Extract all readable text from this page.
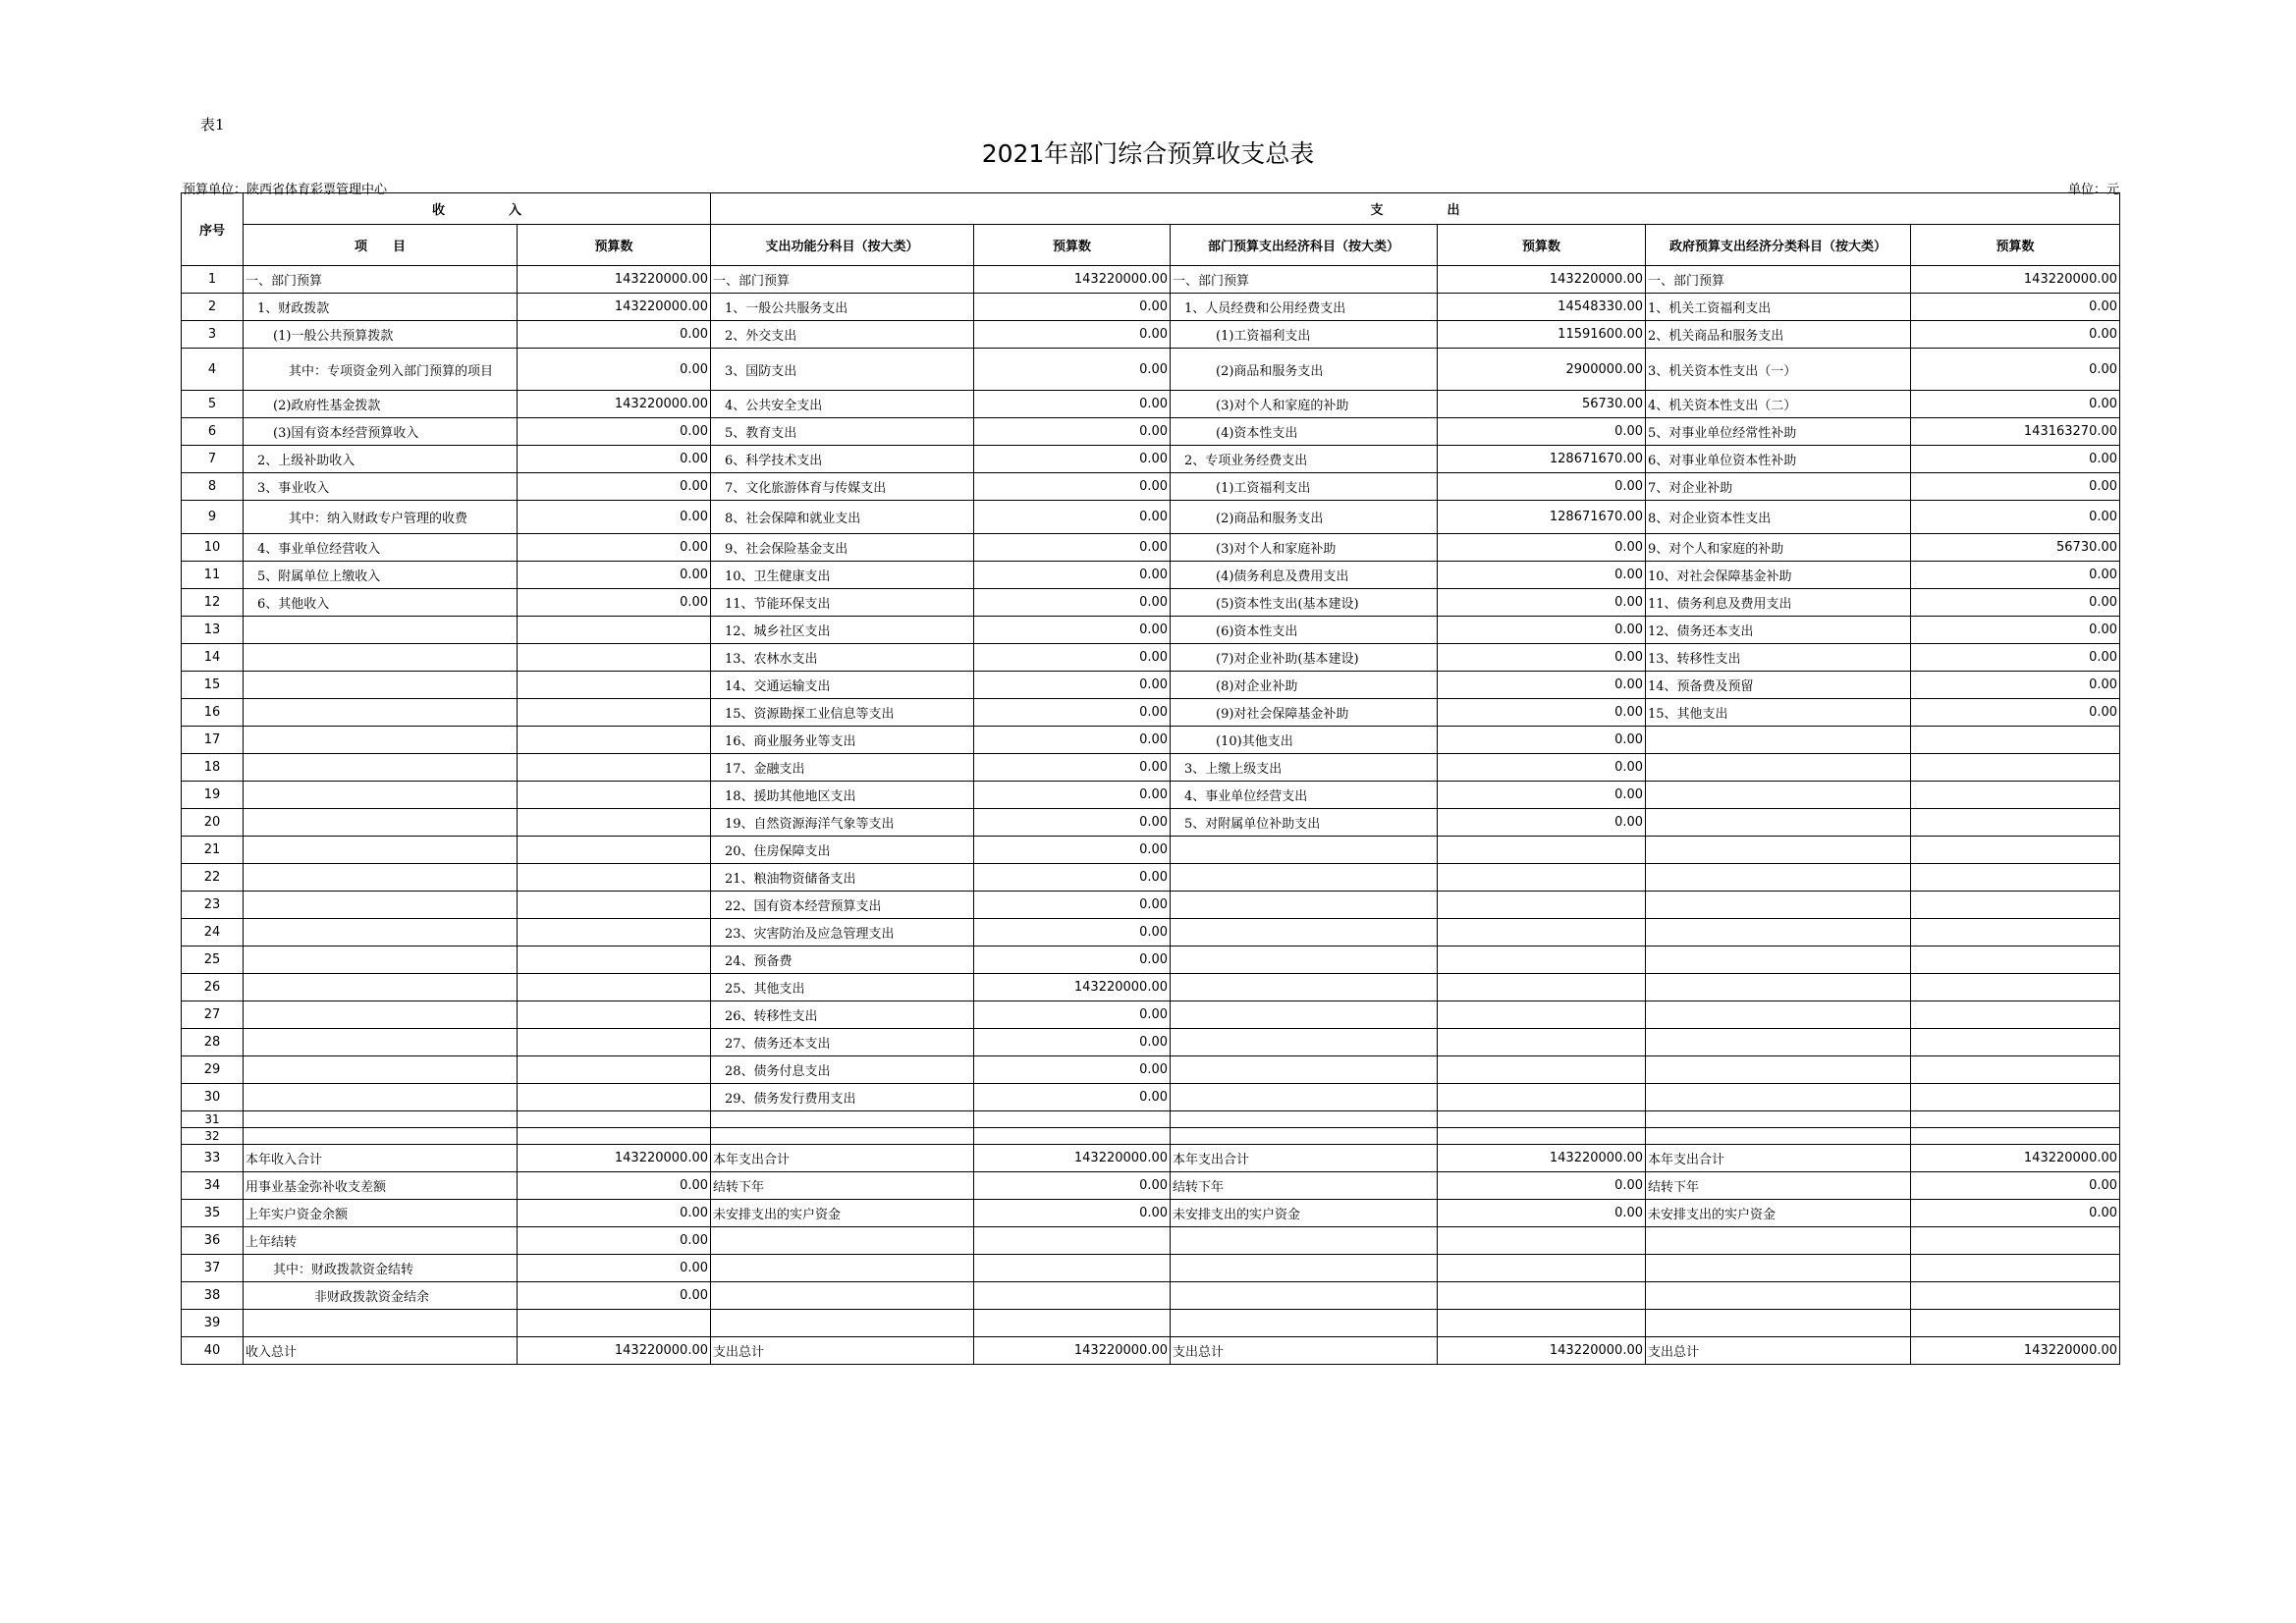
表1
2021年部门综合预算收支总表
预算单位：陕西省体育彩票管理中心	单位：元
序号	收　　　　　入		支　　　　　出					
	项　　目	预算数	支出功能分科目（按大类）	预算数	部门预算支出经济科目（按大类）	预算数	政府预算支出经济分类科目（按大类）	预算数
1	一、部门预算	143220000.00	一、部门预算	143220000.00	一、部门预算	143220000.00	一、部门预算	143220000.00
2	1、财政拨款	143220000.00	1、一般公共服务支出	0.00	1、人员经费和公用经费支出	14548330.00	1、机关工资福利支出	0.00
3	(1)一般公共预算拨款	0.00	2、外交支出	0.00	(1)工资福利支出	11591600.00	2、机关商品和服务支出	0.00
4	其中：专项资金列入部门预算的项目	0.00	3、国防支出	0.00	(2)商品和服务支出	2900000.00	3、机关资本性支出（一）	0.00
5	(2)政府性基金拨款	143220000.00	4、公共安全支出	0.00	(3)对个人和家庭的补助	56730.00	4、机关资本性支出（二）	0.00
6	(3)国有资本经营预算收入	0.00	5、教育支出	0.00	(4)资本性支出	0.00	5、对事业单位经常性补助	143163270.00
7	2、上级补助收入	0.00	6、科学技术支出	0.00	2、专项业务经费支出	128671670.00	6、对事业单位资本性补助	0.00
8	3、事业收入	0.00	7、文化旅游体育与传媒支出	0.00	(1)工资福利支出	0.00	7、对企业补助	0.00
9	其中：纳入财政专户管理的收费	0.00	8、社会保障和就业支出	0.00	(2)商品和服务支出	128671670.00	8、对企业资本性支出	0.00
10	4、事业单位经营收入	0.00	9、社会保险基金支出	0.00	(3)对个人和家庭补助	0.00	9、对个人和家庭的补助	56730.00
11	5、附属单位上缴收入	0.00	10、卫生健康支出	0.00	(4)债务利息及费用支出	0.00	10、对社会保障基金补助	0.00
12	6、其他收入	0.00	11、节能环保支出	0.00	(5)资本性支出(基本建设)	0.00	11、债务利息及费用支出	0.00
13			12、城乡社区支出	0.00	(6)资本性支出	0.00	12、债务还本支出	0.00
14			13、农林水支出	0.00	(7)对企业补助(基本建设)	0.00	13、转移性支出	0.00
15			14、交通运输支出	0.00	(8)对企业补助	0.00	14、预备费及预留	0.00
16			15、资源勘探工业信息等支出	0.00	(9)对社会保障基金补助	0.00	15、其他支出	0.00
17			16、商业服务业等支出	0.00	(10)其他支出	0.00		
18			17、金融支出	0.00	3、上缴上级支出	0.00		
19			18、援助其他地区支出	0.00	4、事业单位经营支出	0.00		
20			19、自然资源海洋气象等支出	0.00	5、对附属单位补助支出	0.00		
21			20、住房保障支出	0.00				
22			21、粮油物资储备支出	0.00				
23			22、国有资本经营预算支出	0.00				
24			23、灾害防治及应急管理支出	0.00				
25			24、预备费	0.00				
26			25、其他支出	143220000.00				
27			26、转移性支出	0.00				
28			27、债务还本支出	0.00				
29			28、债务付息支出	0.00				
30			29、债务发行费用支出	0.00				
31								
32								
33	本年收入合计	143220000.00	本年支出合计	143220000.00	本年支出合计	143220000.00	本年支出合计	143220000.00
34	用事业基金弥补收支差额	0.00	结转下年	0.00	结转下年	0.00	结转下年	0.00
35	上年实户资金余额	0.00	未安排支出的实户资金	0.00	未安排支出的实户资金	0.00	未安排支出的实户资金	0.00
36	上年结转	0.00						
37	其中：财政拨款资金结转	0.00						
38	非财政拨款资金结余	0.00						
39								
40	收入总计	143220000.00	支出总计	143220000.00	支出总计	143220000.00	支出总计	143220000.00
